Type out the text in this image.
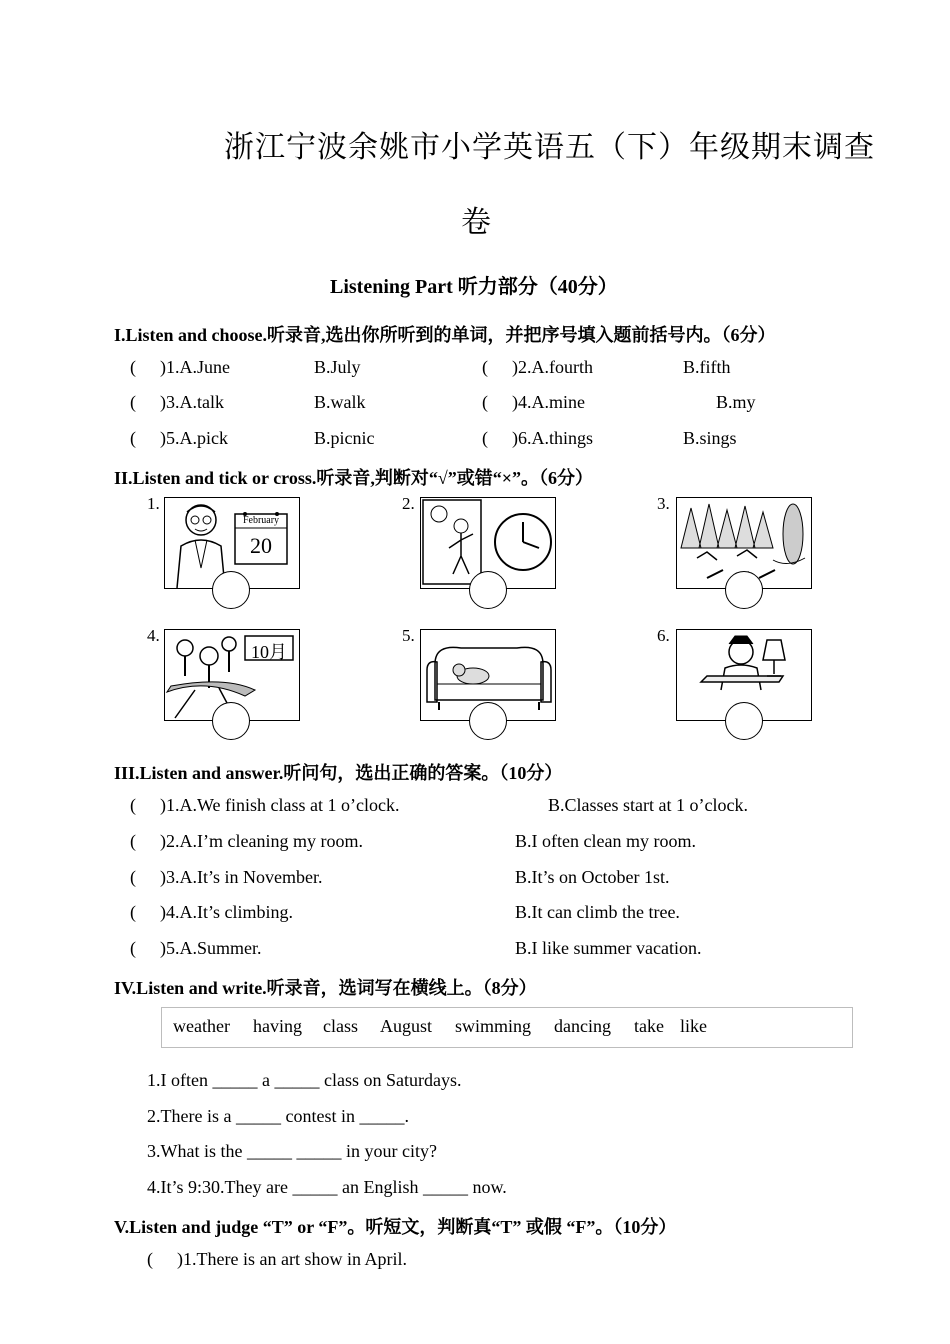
浙江宁波余姚市小学英语五（下）年级期末调查
卷
Listening Part 听力部分（40分）
I.Listen and choose.听录音,选出你所听到的单词，并把序号填入题前括号内。（6分）
( )1.A.June	B.July	( )2.A.fourth	B.fifth
( )3.A.talk	B.walk	( )4.A.mine	B.my
( )5.A.pick	B.picnic	( )6.A.things	B.sings
II.Listen and tick or cross.听录音,判断对“√”或错“×”。（6分）
1.
February
20
2.	3.
4.
10月
5.	6.
III.Listen and answer.听问句，选出正确的答案。（10分）
( )1.A.We finish class at 1 o’clock.	B.Classes start at 1 o’clock.
( )2.A.I’m cleaning my room.	B.I often clean my room.
( )3.A.It’s in November.	B.It’s on October 1st.
( )4.A.It’s climbing.	B.It can climb the tree.
( )5.A.Summer.	B.I like summer vacation.
IV.Listen and write.听录音，选词写在横线上。（8分）
weather having class August swimming dancing take like
1.I often _____ a _____ class on Saturdays.
2.There is a _____ contest in _____.
3.What is the _____ _____ in your city?
4.It’s 9:30.They are _____ an English _____ now.
V.Listen and judge “T” or “F”。听短文，判断真“T” 或假 “F”。（10分）
( )1.There is an art show in April.
